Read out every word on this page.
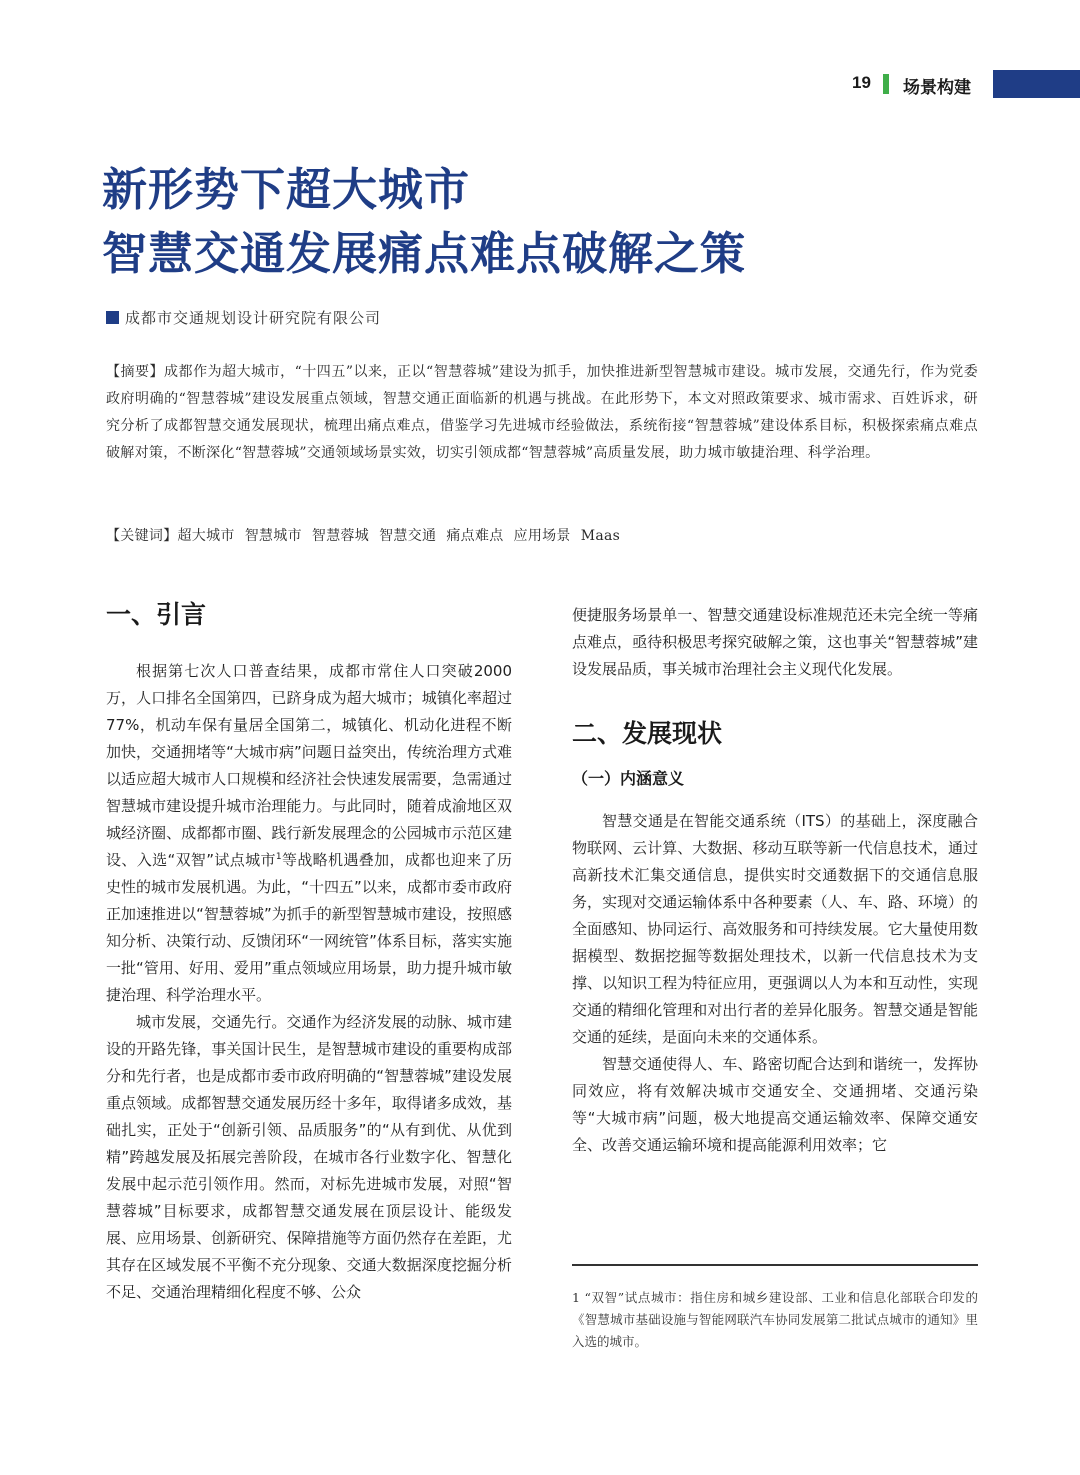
19 场景构建
新形势下超大城市
智慧交通发展痛点难点破解之策
成都市交通规划设计研究院有限公司
【摘要】成都作为超大城市，“十四五”以来，正以“智慧蓉城”建设为抓手，加快推进新型智慧城市建设。城市发展，交通先行，作为党委政府明确的“智慧蓉城”建设发展重点领域，智慧交通正面临新的机遇与挑战。在此形势下，本文对照政策要求、城市需求、百姓诉求，研究分析了成都智慧交通发展现状，梳理出痛点难点，借鉴学习先进城市经验做法，系统衔接“智慧蓉城”建设体系目标，积极探索痛点难点破解对策，不断深化“智慧蓉城”交通领域场景实效，切实引领成都“智慧蓉城”高质量发展，助力城市敏捷治理、科学治理。
【关键词】超大城市 智慧城市 智慧蓉城 智慧交通 痛点难点 应用场景 Maas
一、引言

根据第七次人口普查结果，成都市常住人口突破2000万，人口排名全国第四，已跻身成为超大城市；城镇化率超过77%，机动车保有量居全国第二，城镇化、机动化进程不断加快，交通拥堵等“大城市病”问题日益突出，传统治理方式难以适应超大城市人口规模和经济社会快速发展需要，急需通过智慧城市建设提升城市治理能力。与此同时，随着成渝地区双城经济圈、成都都市圈、践行新发展理念的公园城市示范区建设、入选“双智”试点城市$^1$等战略机遇叠加，成都也迎来了历史性的城市发展机遇。为此，“十四五”以来，成都市委市政府正加速推进以“智慧蓉城”为抓手的新型智慧城市建设，按照感知分析、决策行动、反馈闭环“一网统管”体系目标，落实实施一批“管用、好用、爱用”重点领域应用场景，助力提升城市敏捷治理、科学治理水平。

城市发展，交通先行。交通作为经济发展的动脉、城市建设的开路先锋，事关国计民生，是智慧城市建设的重要构成部分和先行者，也是成都市委市政府明确的“智慧蓉城”建设发展重点领域。成都智慧交通发展历经十多年，取得诸多成效，基础扎实，正处于“创新引领、品质服务”的“从有到优、从优到精”跨越发展及拓展完善阶段，在城市各行业数字化、智慧化发展中起示范引领作用。然而，对标先进城市发展，对照“智慧蓉城”目标要求，成都智慧交通发展在顶层设计、能级发展、应用场景、创新研究、保障措施等方面仍然存在差距，尤其存在区域发展不平衡不充分现象、交通大数据深度挖掘分析不足、交通治理精细化程度不够、公众

便捷服务场景单一、智慧交通建设标准规范还未完全统一等痛点难点，亟待积极思考探究破解之策，这也事关“智慧蓉城”建设发展品质，事关城市治理社会主义现代化发展。

二、发展现状
（一）内涵意义

智慧交通是在智能交通系统（ITS）的基础上，深度融合物联网、云计算、大数据、移动互联等新一代信息技术，通过高新技术汇集交通信息，提供实时交通数据下的交通信息服务，实现对交通运输体系中各种要素（人、车、路、环境）的全面感知、协同运行、高效服务和可持续发展。它大量使用数据模型、数据挖掘等数据处理技术，以新一代信息技术为支撑、以知识工程为特征应用，更强调以人为本和互动性，实现交通的精细化管理和对出行者的差异化服务。智慧交通是智能交通的延续，是面向未来的交通体系。

智慧交通使得人、车、路密切配合达到和谐统一，发挥协同效应，将有效解决城市交通安全、交通拥堵、交通污染等“大城市病”问题，极大地提高交通运输效率、保障交通安全、改善交通运输环境和提高能源利用效率；它

1 “双智”试点城市：指住房和城乡建设部、工业和信息化部联合印发的《智慧城市基础设施与智能网联汽车协同发展第二批试点城市的通知》里入选的城市。
